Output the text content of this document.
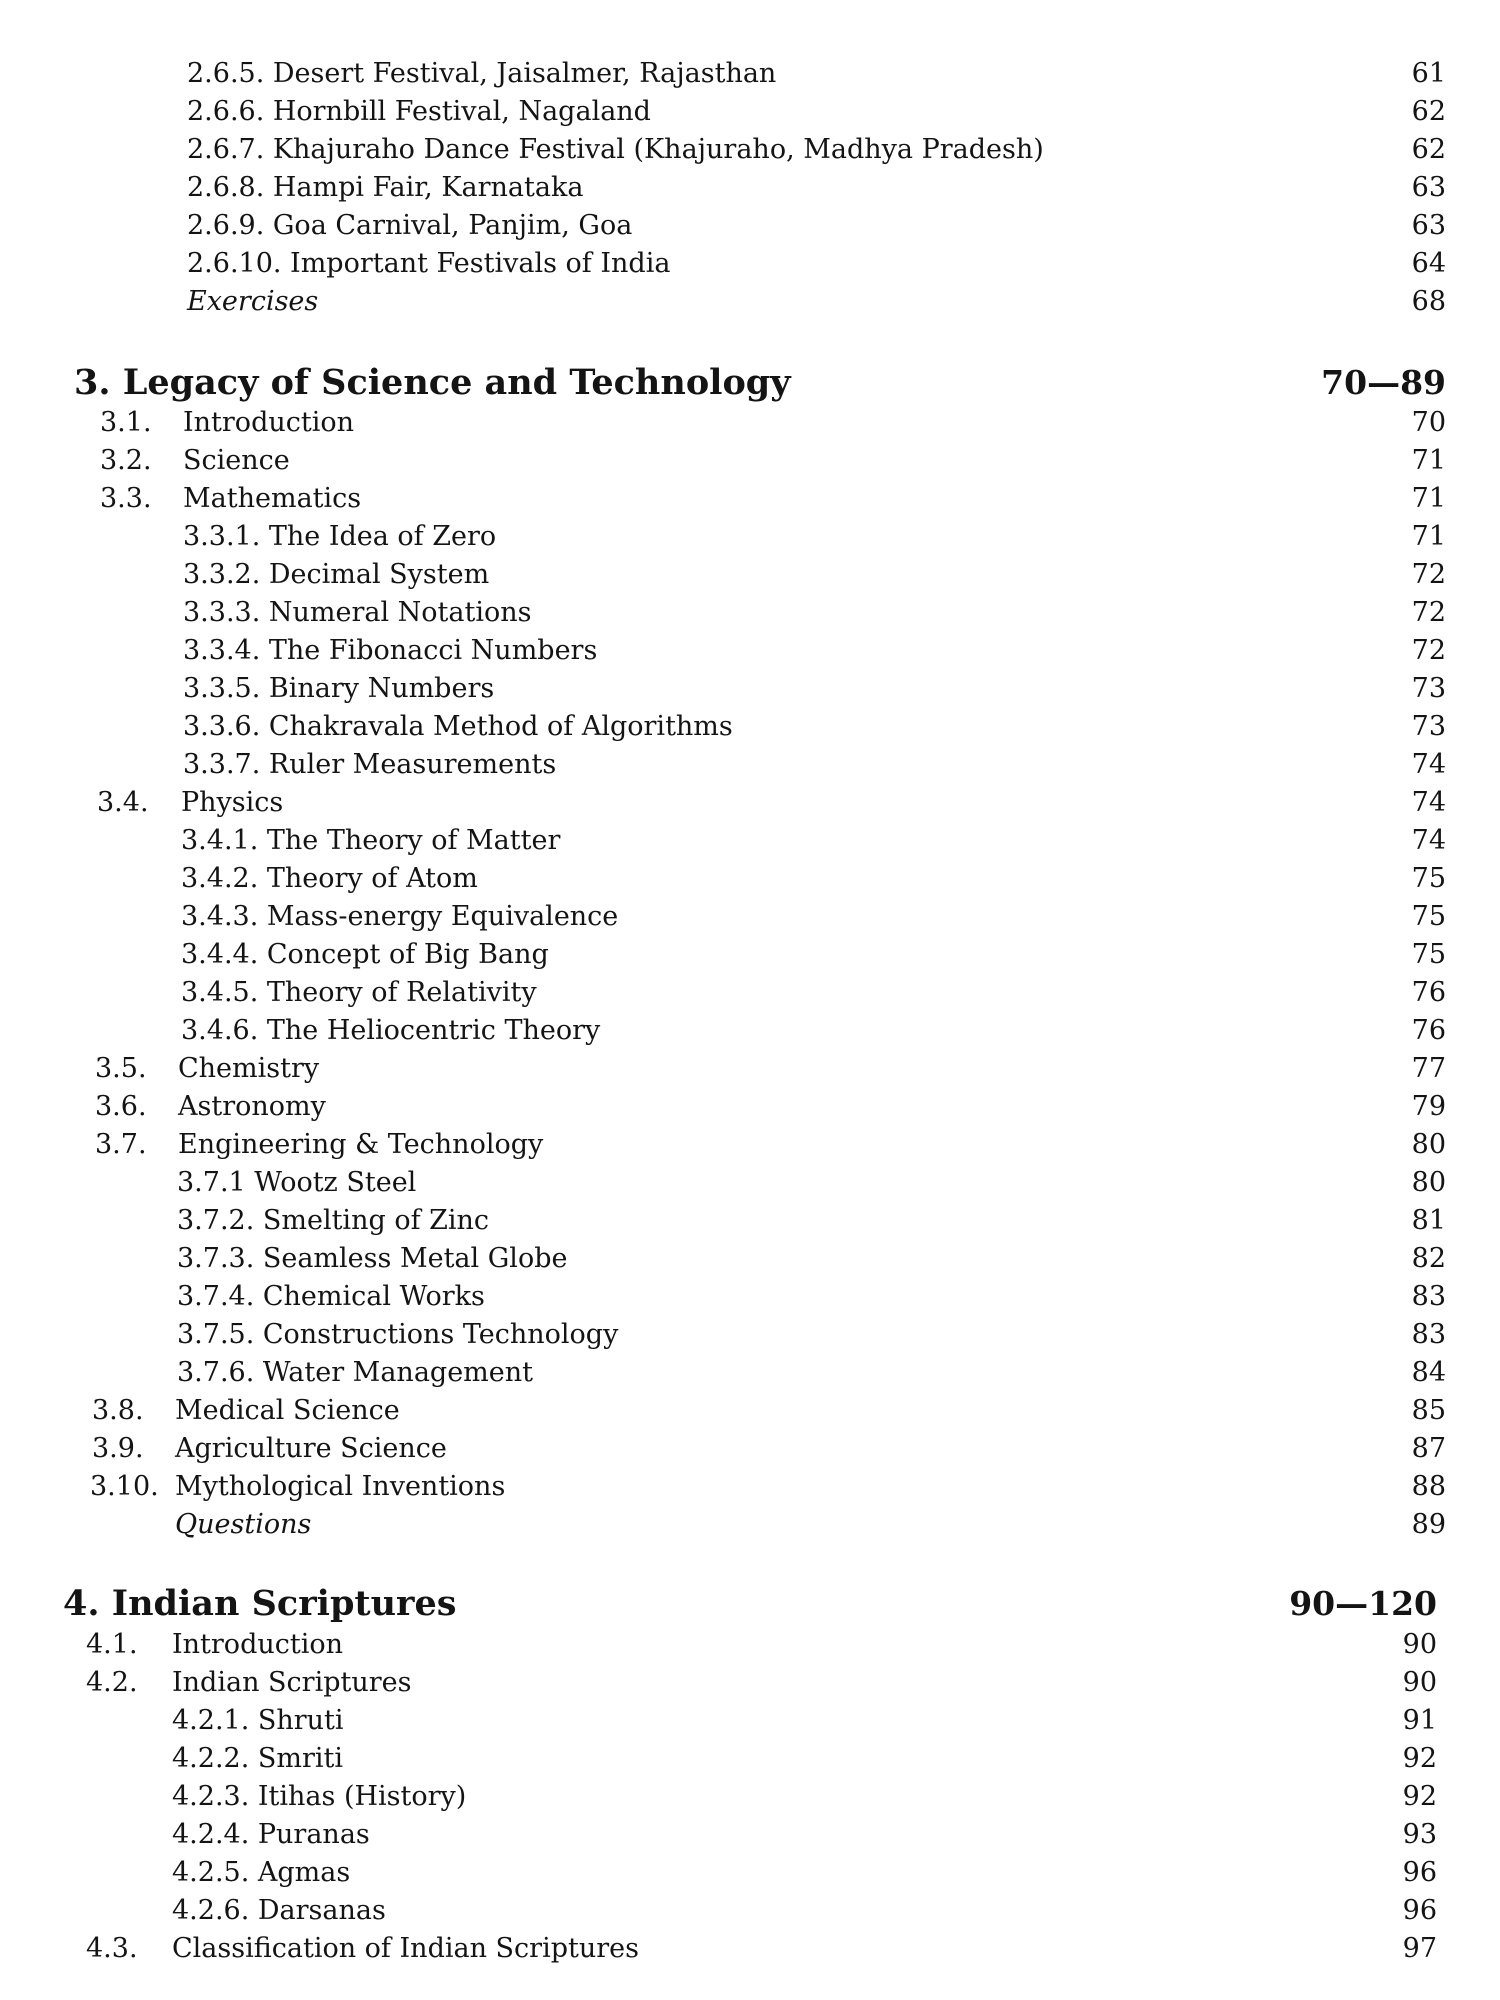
2.6.5. Desert Festival, Jaisalmer, Rajasthan	61
2.6.6. Hornbill Festival, Nagaland	62
2.6.7. Khajuraho Dance Festival (Khajuraho, Madhya Pradesh)	62
2.6.8. Hampi Fair, Karnataka	63
2.6.9. Goa Carnival, Panjim, Goa	63
2.6.10. Important Festivals of India	64
Exercises	68
3. Legacy of Science and Technology	70—89
3.1. Introduction	70
3.2. Science	71
3.3. Mathematics	71
3.3.1. The Idea of Zero	71
3.3.2. Decimal System	72
3.3.3. Numeral Notations	72
3.3.4. The Fibonacci Numbers	72
3.3.5. Binary Numbers	73
3.3.6. Chakravala Method of Algorithms	73
3.3.7. Ruler Measurements	74
3.4. Physics	74
3.4.1. The Theory of Matter	74
3.4.2. Theory of Atom	75
3.4.3. Mass-energy Equivalence	75
3.4.4. Concept of Big Bang	75
3.4.5. Theory of Relativity	76
3.4.6. The Heliocentric Theory	76
3.5. Chemistry	77
3.6. Astronomy	79
3.7. Engineering & Technology	80
3.7.1 Wootz Steel	80
3.7.2. Smelting of Zinc	81
3.7.3. Seamless Metal Globe	82
3.7.4. Chemical Works	83
3.7.5. Constructions Technology	83
3.7.6. Water Management	84
3.8. Medical Science	85
3.9. Agriculture Science	87
3.10. Mythological Inventions	88
Questions	89
4. Indian Scriptures	90—120
4.1. Introduction	90
4.2. Indian Scriptures	90
4.2.1. Shruti	91
4.2.2. Smriti	92
4.2.3. Itihas (History)	92
4.2.4. Puranas	93
4.2.5. Agmas	96
4.2.6. Darsanas	96
4.3. Classification of Indian Scriptures	97
